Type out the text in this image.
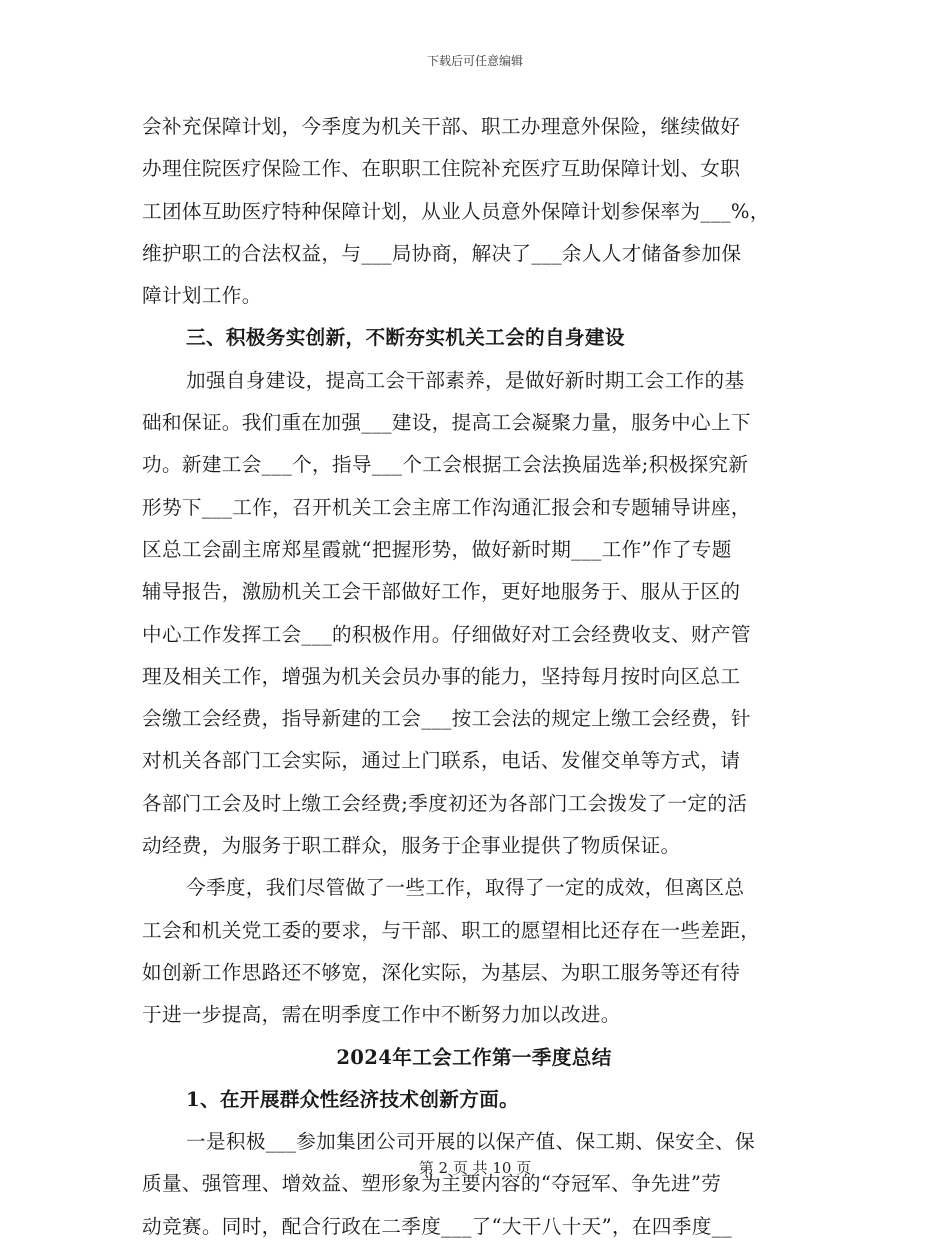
下载后可任意编辑
会补充保障计划，今季度为机关干部、职工办理意外保险，继续做好
办理住院医疗保险工作、在职职工住院补充医疗互助保障计划、女职
工团体互助医疗特种保障计划，从业人员意外保障计划参保率为___%，
维护职工的合法权益，与___局协商，解决了___余人人才储备参加保
障计划工作。
三、积极务实创新，不断夯实机关工会的自身建设
加强自身建设，提高工会干部素养，是做好新时期工会工作的基
础和保证。我们重在加强___建设，提高工会凝聚力量，服务中心上下
功。新建工会___个，指导___个工会根据工会法换届选举;积极探究新
形势下___工作，召开机关工会主席工作沟通汇报会和专题辅导讲座，
区总工会副主席郑星霞就“把握形势，做好新时期___工作”作了专题
辅导报告，激励机关工会干部做好工作，更好地服务于、服从于区的
中心工作发挥工会___的积极作用。仔细做好对工会经费收支、财产管
理及相关工作，增强为机关会员办事的能力，坚持每月按时向区总工
会缴工会经费，指导新建的工会___按工会法的规定上缴工会经费，针
对机关各部门工会实际，通过上门联系，电话、发催交单等方式，请
各部门工会及时上缴工会经费;季度初还为各部门工会拨发了一定的活
动经费，为服务于职工群众，服务于企事业提供了物质保证。
今季度，我们尽管做了一些工作，取得了一定的成效，但离区总
工会和机关党工委的要求，与干部、职工的愿望相比还存在一些差距，
如创新工作思路还不够宽，深化实际，为基层、为职工服务等还有待
于进一步提高，需在明季度工作中不断努力加以改进。
2024年工会工作第一季度总结
1、在开展群众性经济技术创新方面。
一是积极___参加集团公司开展的以保产值、保工期、保安全、保
质量、强管理、增效益、塑形象为主要内容的“夺冠军、争先进”劳
动竞赛。同时，配合行政在二季度___了“大干八十天”，在四季度__
第 2 页 共 10 页
